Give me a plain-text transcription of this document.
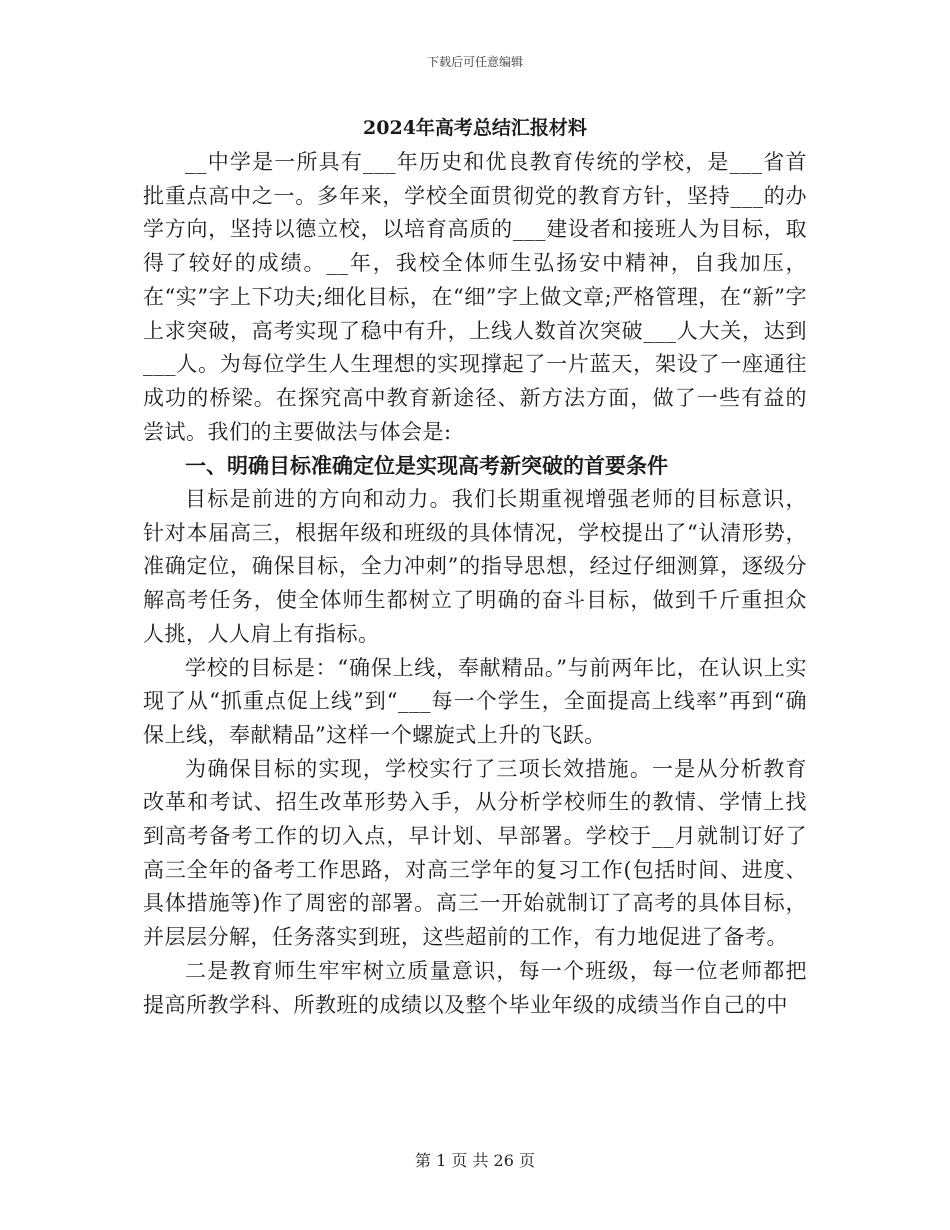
下载后可任意编辑
2024年高考总结汇报材料

__中学是一所具有___年历史和优良教育传统的学校，是___省首批重点高中之一。多年来，学校全面贯彻党的教育方针，坚持___的办学方向，坚持以德立校，以培育高质的___建设者和接班人为目标，取得了较好的成绩。__年，我校全体师生弘扬安中精神，自我加压，在“实”字上下功夫;细化目标，在“细”字上做文章;严格管理，在“新”字上求突破，高考实现了稳中有升，上线人数首次突破___人大关，达到___人。为每位学生人生理想的实现撑起了一片蓝天，架设了一座通往成功的桥梁。在探究高中教育新途径、新方法方面，做了一些有益的尝试。我们的主要做法与体会是:

一、明确目标准确定位是实现高考新突破的首要条件

目标是前进的方向和动力。我们长期重视增强老师的目标意识，针对本届高三，根据年级和班级的具体情况，学校提出了“认清形势，准确定位，确保目标，全力冲刺”的指导思想，经过仔细测算，逐级分解高考任务，使全体师生都树立了明确的奋斗目标，做到千斤重担众人挑，人人肩上有指标。

学校的目标是：“确保上线，奉献精品。”与前两年比，在认识上实现了从“抓重点促上线”到“___每一个学生，全面提高上线率”再到“确保上线，奉献精品”这样一个螺旋式上升的飞跃。

为确保目标的实现，学校实行了三项长效措施。一是从分析教育改革和考试、招生改革形势入手，从分析学校师生的教情、学情上找到高考备考工作的切入点，早计划、早部署。学校于__月就制订好了高三全年的备考工作思路，对高三学年的复习工作(包括时间、进度、具体措施等)作了周密的部署。高三一开始就制订了高考的具体目标，并层层分解，任务落实到班，这些超前的工作，有力地促进了备考。

二是教育师生牢牢树立质量意识，每一个班级，每一位老师都把提高所教学科、所教班的成绩以及整个毕业年级的成绩当作自己的中

第 1 页 共 26 页
